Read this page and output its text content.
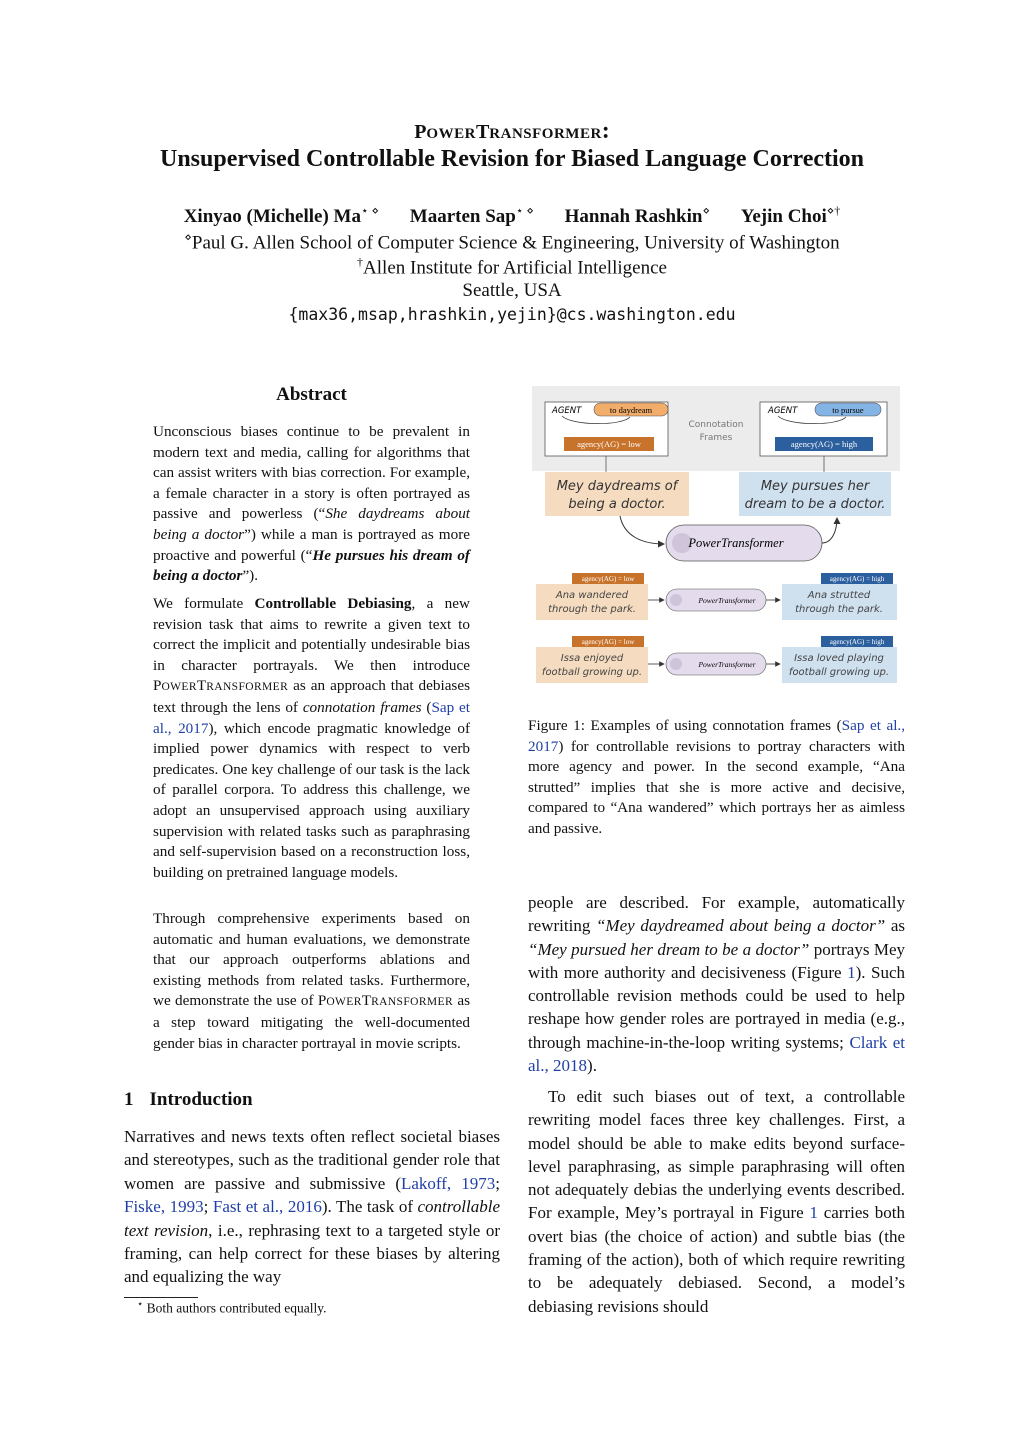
POWERTRANSFORMER:
Unsupervised Controllable Revision for Biased Language Correction
Xinyao (Michelle) Ma⋆ ⋄ Maarten Sap⋆ ⋄ Hannah Rashkin⋄ Yejin Choi⋄†
⋄Paul G. Allen School of Computer Science & Engineering, University of Washington
†Allen Institute for Artificial Intelligence
Seattle, USA
{max36,msap,hrashkin,yejin}@cs.washington.edu
Abstract
Unconscious biases continue to be prevalent in modern text and media, calling for algorithms that can assist writers with bias correction. For example, a female character in a story is often portrayed as passive and powerless (“She daydreams about being a doctor”) while a man is portrayed as more proactive and powerful (“He pursues his dream of being a doctor”).
We formulate Controllable Debiasing, a new revision task that aims to rewrite a given text to correct the implicit and potentially undesirable bias in character portrayals. We then introduce POWERTRANSFORMER as an approach that debiases text through the lens of connotation frames (Sap et al., 2017), which encode pragmatic knowledge of implied power dynamics with respect to verb predicates. One key challenge of our task is the lack of parallel corpora. To address this challenge, we adopt an unsupervised approach using auxiliary supervision with related tasks such as paraphrasing and self-supervision based on a reconstruction loss, building on pretrained language models.
Through comprehensive experiments based on automatic and human evaluations, we demonstrate that our approach outperforms ablations and existing methods from related tasks. Furthermore, we demonstrate the use of POWERTRANSFORMER as a step toward mitigating the well-documented gender bias in character portrayal in movie scripts.
1 Introduction
Narratives and news texts often reflect societal biases and stereotypes, such as the traditional gender role that women are passive and submissive (Lakoff, 1973; Fiske, 1993; Fast et al., 2016). The task of controllable text revision, i.e., rephrasing text to a targeted style or framing, can help correct for these biases by altering and equalizing the way
⋆ Both authors contributed equally.
AGENT	to daydream
agency(AG) = low
AGENT	to pursue
agency(AG) = high
Connotation
Frames
Mey daydreams of
being a doctor.
Mey pursues her
dream to be a doctor.
PowerTransformer
agency(AG) = low
Ana wandered
through the park.
PowerTransformer
agency(AG) = high
Ana strutted
through the park.
agency(AG) = low
Issa enjoyed
football growing up.
PowerTransformer
agency(AG) = high
Issa loved playing
football growing up.
Figure 1: Examples of using connotation frames (Sap et al., 2017) for controllable revisions to portray characters with more agency and power. In the second example, “Ana strutted” implies that she is more active and decisive, compared to “Ana wandered” which portrays her as aimless and passive.
people are described. For example, automatically rewriting “Mey daydreamed about being a doctor” as “Mey pursued her dream to be a doctor” portrays Mey with more authority and decisiveness (Figure 1). Such controllable revision methods could be used to help reshape how gender roles are portrayed in media (e.g., through machine-in-the-loop writing systems; Clark et al., 2018).
To edit such biases out of text, a controllable rewriting model faces three key challenges. First, a model should be able to make edits beyond surface-level paraphrasing, as simple paraphrasing will often not adequately debias the underlying events described. For example, Mey’s portrayal in Figure 1 carries both overt bias (the choice of action) and subtle bias (the framing of the action), both of which require rewriting to be adequately debiased. Second, a model’s debiasing revisions should
